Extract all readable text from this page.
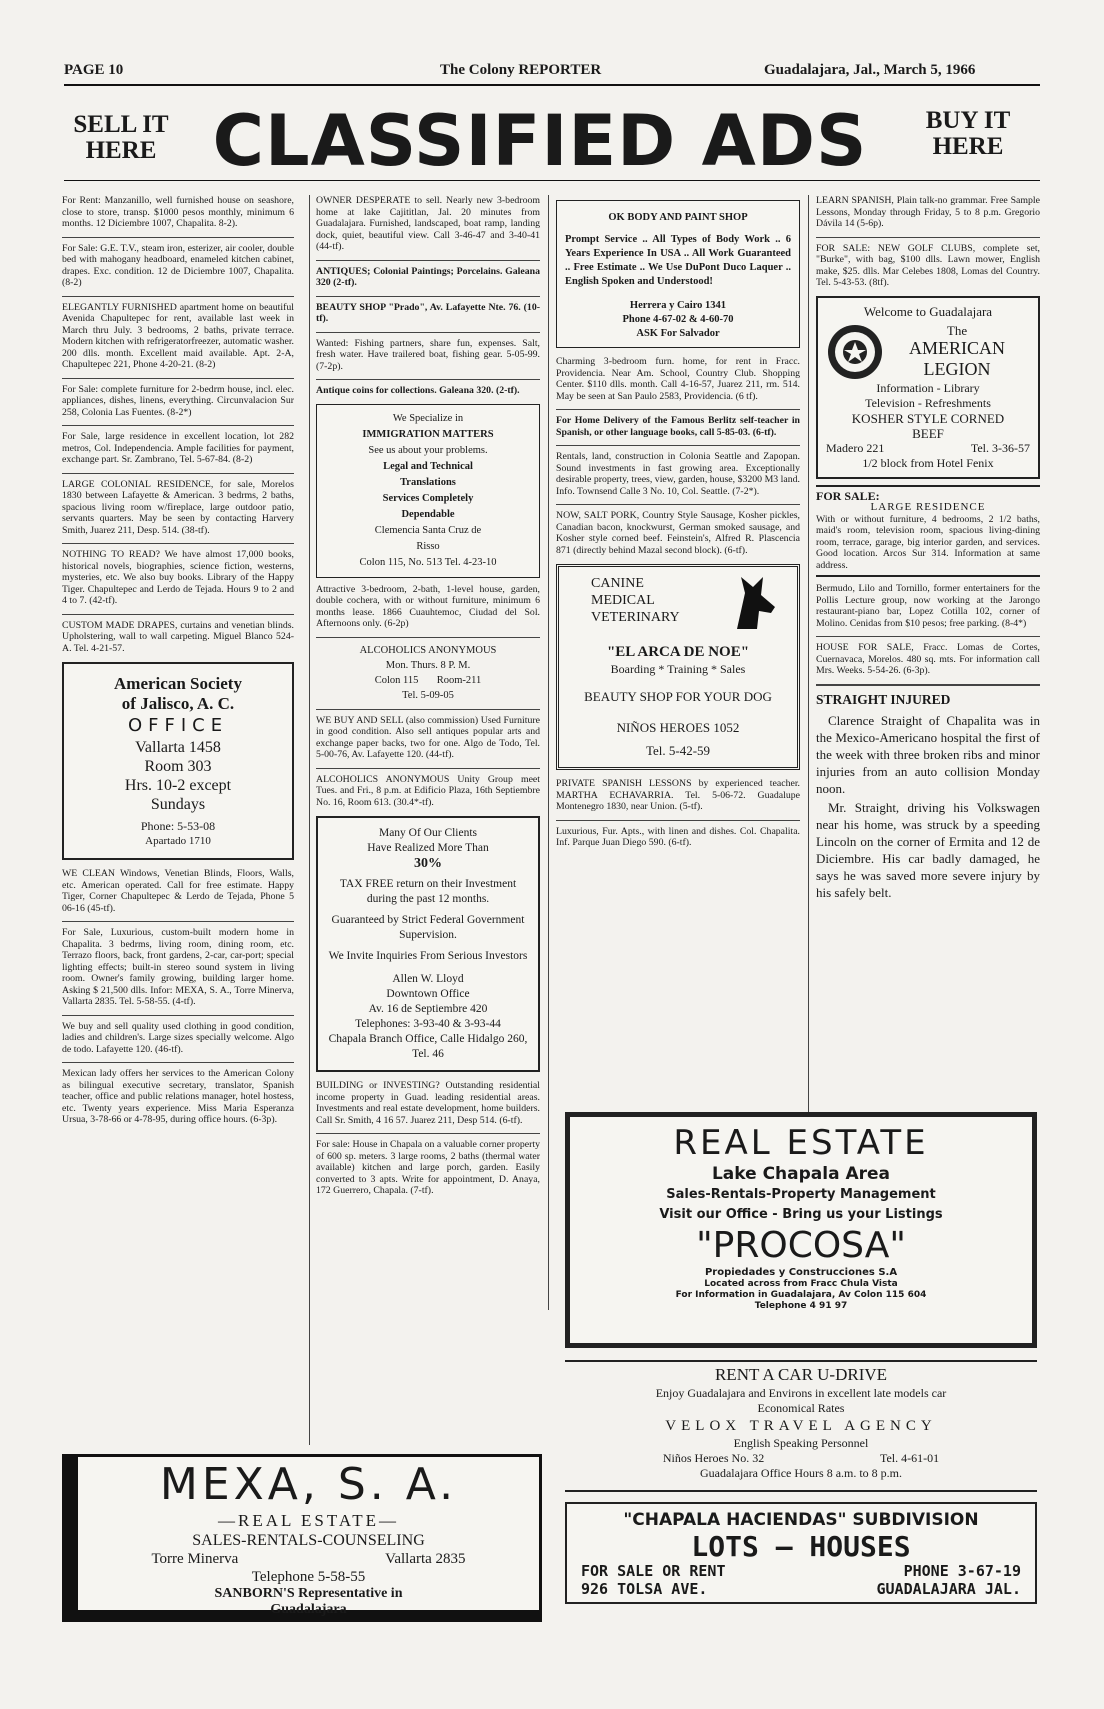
PAGE 10	The Colony REPORTER	Guadalajara, Jal., March 5, 1966
SELL IT
HERE CLASSIFIED ADS	BUY IT
HERE

For Rent: Manzanillo, well furnished house on seashore, close to store, transp. $1000 pesos monthly, minimum 6 months. 12 Diciembre 1007, Chapalita. 8-2).

For Sale: G.E. T.V., steam iron, esterizer, air cooler, double bed with mahogany headboard, enameled kitchen cabinet, drapes. Exc. condition. 12 de Diciembre 1007, Chapalita. (8-2)

ELEGANTLY FURNISHED apartment home on beautiful Avenida Chapultepec for rent, available last week in March thru July. 3 bedrooms, 2 baths, private terrace. Modern kitchen with refrigeratorfreezer, automatic washer. 200 dlls. month. Excellent maid available. Apt. 2-A, Chapultepec 221, Phone 4-20-21. (8-2)

For Sale: complete furniture for 2-bedrm house, incl. elec. appliances, dishes, linens, everything. Circunvalacion Sur 258, Colonia Las Fuentes. (8-2*)

For Sale, large residence in excellent location, lot 282 metros, Col. Independencia. Ample facilities for payment, exchange part. Sr. Zambrano, Tel. 5-67-84. (8-2)

LARGE COLONIAL RESIDENCE, for sale, Morelos 1830 between Lafayette & American. 3 bedrms, 2 baths, spacious living room w/fireplace, large outdoor patio, servants quarters. May be seen by contacting Harvery Smith, Juarez 211, Desp. 514. (38-tf).

NOTHING TO READ? We have almost 17,000 books, historical novels, biographies, science fiction, westerns, mysteries, etc. We also buy books. Library of the Happy Tiger. Chapultepec and Lerdo de Tejada. Hours 9 to 2 and 4 to 7. (42-tf).

CUSTOM MADE DRAPES, curtains and venetian blinds. Upholstering, wall to wall carpeting. Miguel Blanco 524-A. Tel. 4-21-57.

American Society
of Jalisco, A. C.
OFFICE
Vallarta 1458
Room 303
Hrs. 10-2 except
Sundays
Phone: 5-53-08
Apartado 1710

WE CLEAN Windows, Venetian Blinds, Floors, Walls, etc. American operated. Call for free estimate. Happy Tiger, Corner Chapultepec & Lerdo de Tejada, Phone 5 06-16 (45-tf).

For Sale, Luxurious, custom-built modern home in Chapalita. 3 bedrms, living room, dining room, etc. Terrazo floors, back, front gardens, 2-car, car-port; special lighting effects; built-in stereo sound system in living room. Owner's family growing, building larger home. Asking $ 21,500 dlls. Infor: MEXA, S. A., Torre Minerva, Vallarta 2835. Tel. 5-58-55. (4-tf).

We buy and sell quality used clothing in good condition, ladies and children's. Large sizes specially welcome. Algo de todo. Lafayette 120. (46-tf).

Mexican lady offers her services to the American Colony as bilingual executive secretary, translator, Spanish teacher, office and public relations manager, hotel hostess, etc. Twenty years experience. Miss Maria Esperanza Ursua, 3-78-66 or 4-78-95, during office hours. (6-3p).

OWNER DESPERATE to sell. Nearly new 3-bedroom home at lake Cajititlan, Jal. 20 minutes from Guadalajara. Furnished, landscaped, boat ramp, landing dock, quiet, beautiful view. Call 3-46-47 and 3-40-41 (44-tf).

ANTIQUES; Colonial Paintings; Porcelains. Galeana 320 (2-tf).

BEAUTY SHOP "Prado", Av. Lafayette Nte. 76. (10-tf).

Wanted: Fishing partners, share fun, expenses. Salt, fresh water. Have trailered boat, fishing gear. 5-05-99. (7-2p).

Antique coins for collections. Galeana 320. (2-tf).

We Specialize in
IMMIGRATION MATTERS
See us about your problems.
Legal and Technical
Translations
Services Completely
Dependable
Clemencia Santa Cruz de
Risso
Colon 115, No. 513 Tel. 4-23-10

Attractive 3-bedroom, 2-bath, 1-level house, garden, double cochera, with or without furniture, minimum 6 months lease. 1866 Cuauhtemoc, Ciudad del Sol. Afternoons only. (6-2p)

ALCOHOLICS ANONYMOUS
Mon. Thurs. 8 P. M.
Colon 115 Room-211
Tel. 5-09-05

WE BUY AND SELL (also commission) Used Furniture in good condition. Also sell antiques popular arts and exchange paper backs, two for one. Algo de Todo, Tel. 5-00-76, Av. Lafayette 120. (44-tf).

ALCOHOLICS ANONYMOUS Unity Group meet Tues. and Fri., 8 p.m. at Edificio Plaza, 16th Septiembre No. 16, Room 613. (30.4*-tf).

Many Of Our Clients
Have Realized More Than
30%
TAX FREE return on their Investment during the past 12 months.
Guaranteed by Strict Federal Government Supervision.
We Invite Inquiries From Serious Investors
Allen W. Lloyd
Downtown Office
Av. 16 de Septiembre 420
Telephones: 3-93-40 & 3-93-44
Chapala Branch Office, Calle Hidalgo 260, Tel. 46

BUILDING or INVESTING? Outstanding residential income property in Guad. leading residential areas. Investments and real estate development, home builders. Call Sr. Smith, 4 16 57. Juarez 211, Desp 514. (6-tf).

For sale: House in Chapala on a valuable corner property of 600 sp. meters. 3 large rooms, 2 baths (thermal water available) kitchen and large porch, garden. Easily converted to 3 apts. Write for appointment, D. Anaya, 172 Guerrero, Chapala. (7-tf).

OK BODY AND PAINT SHOP
Prompt Service .. All Types of Body Work .. 6 Years Experience In USA .. All Work Guaranteed .. Free Estimate .. We Use DuPont Duco Laquer .. English Spoken and Understood!
Herrera y Cairo 1341
Phone 4-67-02 & 4-60-70
ASK For Salvador

Charming 3-bedroom furn. home, for rent in Fracc. Providencia. Near Am. School, Country Club. Shopping Center. $110 dlls. month. Call 4-16-57, Juarez 211, rm. 514. May be seen at San Paulo 2583, Providencia. (6 tf).

For Home Delivery of the Famous Berlitz self-teacher in Spanish, or other language books, call 5-85-03. (6-tf).

Rentals, land, construction in Colonia Seattle and Zapopan. Sound investments in fast growing area. Exceptionally desirable property, trees, view, garden, house, $3200 M3 land. Info. Townsend Calle 3 No. 10, Col. Seattle. (7-2*).

NOW, SALT PORK, Country Style Sausage, Kosher pickles, Canadian bacon, knockwurst, German smoked sausage, and Kosher style corned beef. Feinstein's, Alfred R. Plascencia 871 (directly behind Mazal second block). (6-tf).

CANINE
MEDICAL
VETERINARY
"EL ARCA DE NOE"
Boarding * Training * Sales
BEAUTY SHOP FOR YOUR DOG
NIÑOS HEROES 1052
Tel. 5-42-59

PRIVATE SPANISH LESSONS by experienced teacher. MARTHA ECHAVARRIA. Tel. 5-06-72. Guadalupe Montenegro 1830, near Union. (5-tf).

Luxurious, Fur. Apts., with linen and dishes. Col. Chapalita. Inf. Parque Juan Diego 590. (6-tf).

LEARN SPANISH, Plain talk-no grammar. Free Sample Lessons, Monday through Friday, 5 to 8 p.m. Gregorio Dávila 14 (5-6p).

FOR SALE: NEW GOLF CLUBS, complete set, "Burke", with bag, $100 dlls. Lawn mower, English make, $25. dlls. Mar Celebes 1808, Lomas del Country. Tel. 5-43-53. (8tf).

Welcome to Guadalajara
The
AMERICAN
LEGION
Information - Library
Television - Refreshments
KOSHER STYLE CORNED
BEEF
Madero 221	Tel. 3-36-57
1/2 block from Hotel Fenix
FOR SALE:
LARGE RESIDENCE
With or without furniture, 4 bedrooms, 2 1/2 baths, maid's room, television room, spacious living-dining room, terrace, garage, big interior garden, and services. Good location. Arcos Sur 314. Information at same address.

Bermudo, Lilo and Tornillo, former entertainers for the Pollis Lecture group, now working at the Jarongo restaurant-piano bar, Lopez Cotilla 102, corner of Molino. Cenidas from $10 pesos; free parking. (8-4*)

HOUSE FOR SALE, Fracc. Lomas de Cortes, Cuernavaca, Morelos. 480 sq. mts. For information call Mrs. Weeks. 5-54-26. (6-3p).

STRAIGHT INJURED
Clarence Straight of Chapalita was in the Mexico-Americano hospital the first of the week with three broken ribs and minor injuries from an auto collision Monday noon.
Mr. Straight, driving his Volkswagen near his home, was struck by a speeding Lincoln on the corner of Ermita and 12 de Diciembre. His car badly damaged, he says he was saved more severe injury by his safely belt.
REAL ESTATE
Lake Chapala Area
Sales-Rentals-Property Management
Visit our Office - Bring us your Listings
"PROCOSA"
Propiedades y Construcciones S.A
Located across from Fracc Chula Vista
For Information in Guadalajara, Av Colon 115 604
Telephone 4 91 97
RENT A CAR U-DRIVE
Enjoy Guadalajara and Environs in excellent late models car
Economical Rates
VELOX TRAVEL AGENCY
English Speaking Personnel
Niños Heroes No. 32	Tel. 4-61-01
Guadalajara Office Hours 8 a.m. to 8 p.m.
"CHAPALA HACIENDAS" SUBDIVISION
LOTS — HOUSES
FOR SALE OR RENT	PHONE 3-67-19
926 TOLSA AVE.	GUADALAJARA JAL.
MEXA, S. A.
—REAL ESTATE—
SALES-RENTALS-COUNSELING
Torre Minerva	Vallarta 2835
Telephone 5-58-55
SANBORN'S Representative in
Guadalajara
